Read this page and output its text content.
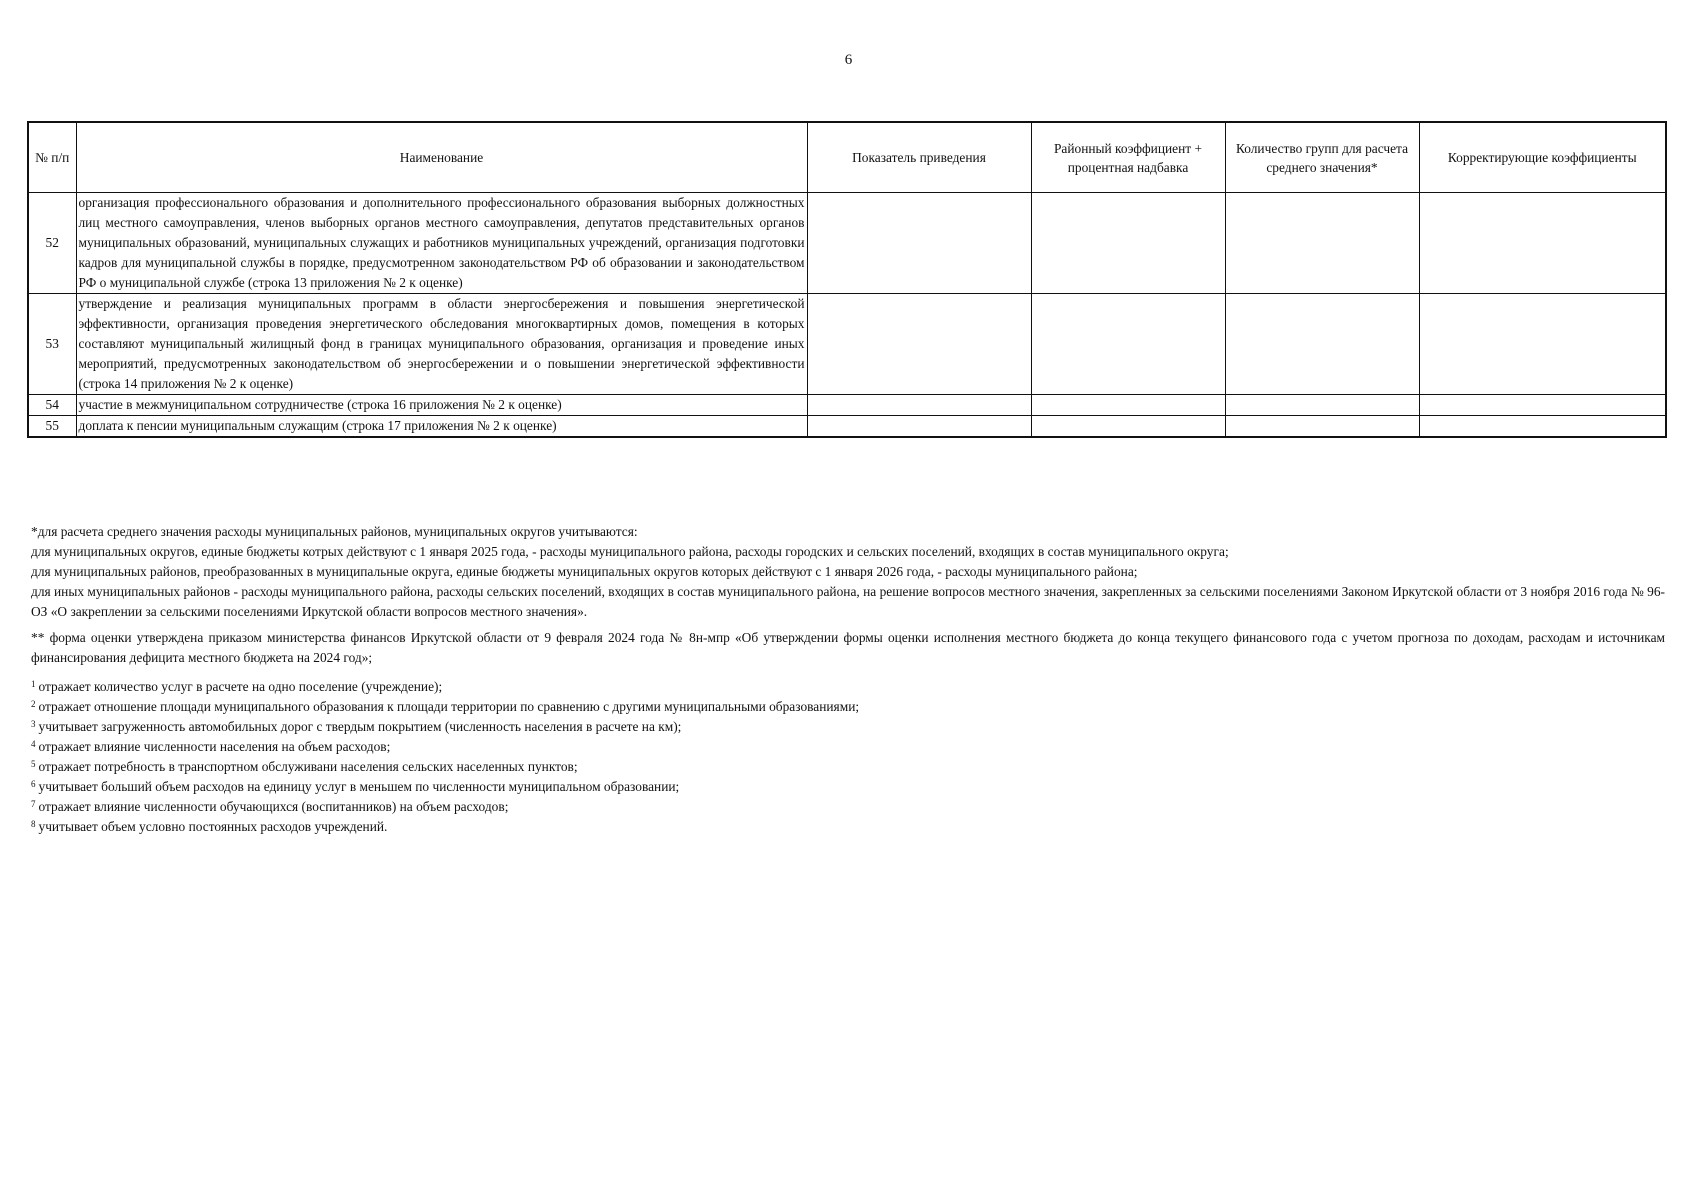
6
№ п/п	Наименование	Показатель приведения	Районный коэффициент + процентная надбавка	Количество групп для расчета среднего значения*	Корректирующие коэффициенты
52	организация профессионального образования и дополнительного профессионального образования выборных должностных лиц местного самоуправления, членов выборных органов местного самоуправления, депутатов представительных органов муниципальных образований, муниципальных служащих и работников муниципальных учреждений, организация подготовки кадров для муниципальной службы в порядке, предусмотренном законодательством РФ об образовании и законодательством РФ о муниципальной службе (строка 13 приложения № 2 к оценке)				
53	утверждение и реализация муниципальных программ в области энергосбережения и повышения энергетической эффективности, организация проведения энергетического обследования многоквартирных домов, помещения в которых составляют муниципальный жилищный фонд в границах муниципального образования, организация и проведение иных мероприятий, предусмотренных законодательством об энергосбережении и о повышении энергетической эффективности (строка 14 приложения № 2 к оценке)				
54	участие в межмуниципальном сотрудничестве (строка 16 приложения № 2 к оценке)				
55	доплата к пенсии муниципальным служащим (строка 17 приложения № 2 к оценке)				

*для расчета среднего значения расходы муниципальных районов, муниципальных округов учитываются:

для муниципальных округов, единые бюджеты котрых действуют с 1 января 2025 года, - расходы муниципального района, расходы городских и сельских поселений, входящих в состав муниципального округа;

для муниципальных районов, преобразованных в муниципальные округа, единые бюджеты муниципальных округов которых действуют с 1 января 2026 года, - расходы муниципального района;

для иных муниципальных районов - расходы муниципального района, расходы сельских поселений, входящих в состав муниципального района, на решение вопросов местного значения, закрепленных за сельскими поселениями Законом Иркутской области от 3 ноября 2016 года № 96-ОЗ «О закреплении за сельскими поселениями Иркутской области вопросов местного значения».

** форма оценки утверждена приказом министерства финансов Иркутской области от 9 февраля 2024 года № 8н-мпр «Об утверждении формы оценки исполнения местного бюджета до конца текущего финансового года с учетом прогноза по доходам, расходам и источникам финансирования дефицита местного бюджета на 2024 год»;

$^1$ отражает количество услуг в расчете на одно поселение (учреждение);

$^2$ отражает отношение площади муниципального образования к площади территории по сравнению с другими муниципальными образованиями;

$^3$ учитывает загруженность автомобильных дорог с твердым покрытием (численность населения в расчете на км);

$^4$ отражает влияние численности населения на объем расходов;

$^5$ отражает потребность в транспортном обслуживани населения сельских населенных пунктов;

$^6$ учитывает больший объем расходов на единицу услуг в меньшем по численности муниципальном образовании;

$^7$ отражает влияние численности обучающихся (воспитанников) на объем расходов;

$^8$ учитывает объем условно постоянных расходов учреждений.
